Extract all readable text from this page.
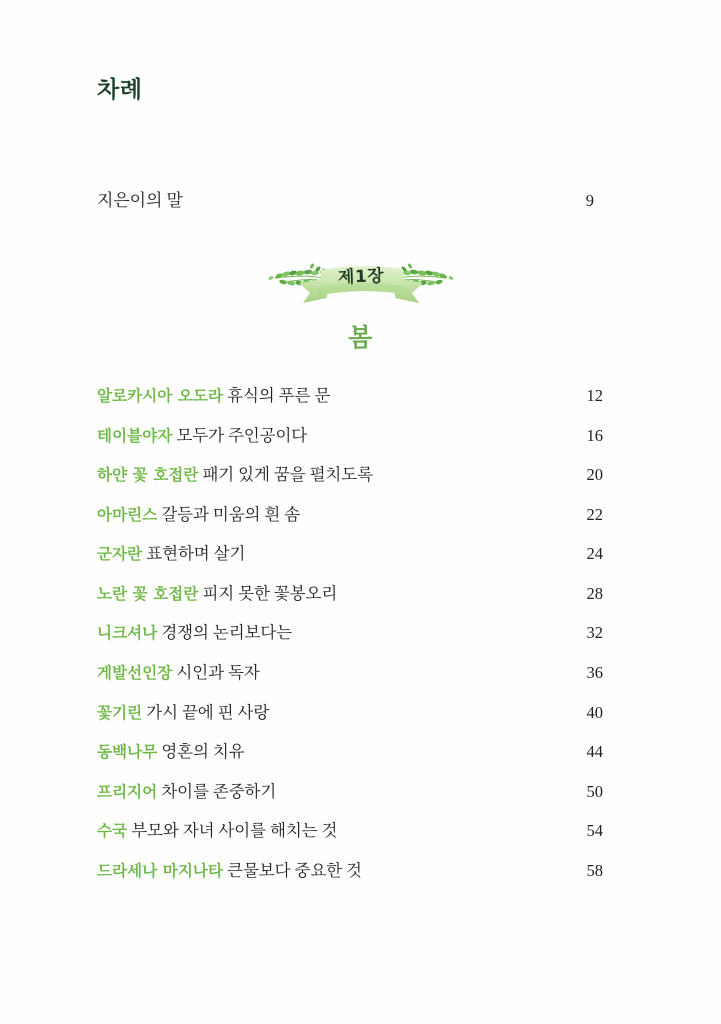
차례
지은이의 말	9
제1장
봄
알로카시아 오도라 휴식의 푸른 문	12
테이블야자 모두가 주인공이다	16
하얀 꽃 호접란 패기 있게 꿈을 펼치도록	20
아마린스 갈등과 미움의 흰 솜	22
군자란 표현하며 살기	24
노란 꽃 호접란 피지 못한 꽃봉오리	28
니크셔나 경쟁의 논리보다는	32
게발선인장 시인과 독자	36
꽃기린 가시 끝에 핀 사랑	40
동백나무 영혼의 치유	44
프리지어 차이를 존중하기	50
수국 부모와 자녀 사이를 해치는 것	54
드라세나 마지나타 큰물보다 중요한 것	58
